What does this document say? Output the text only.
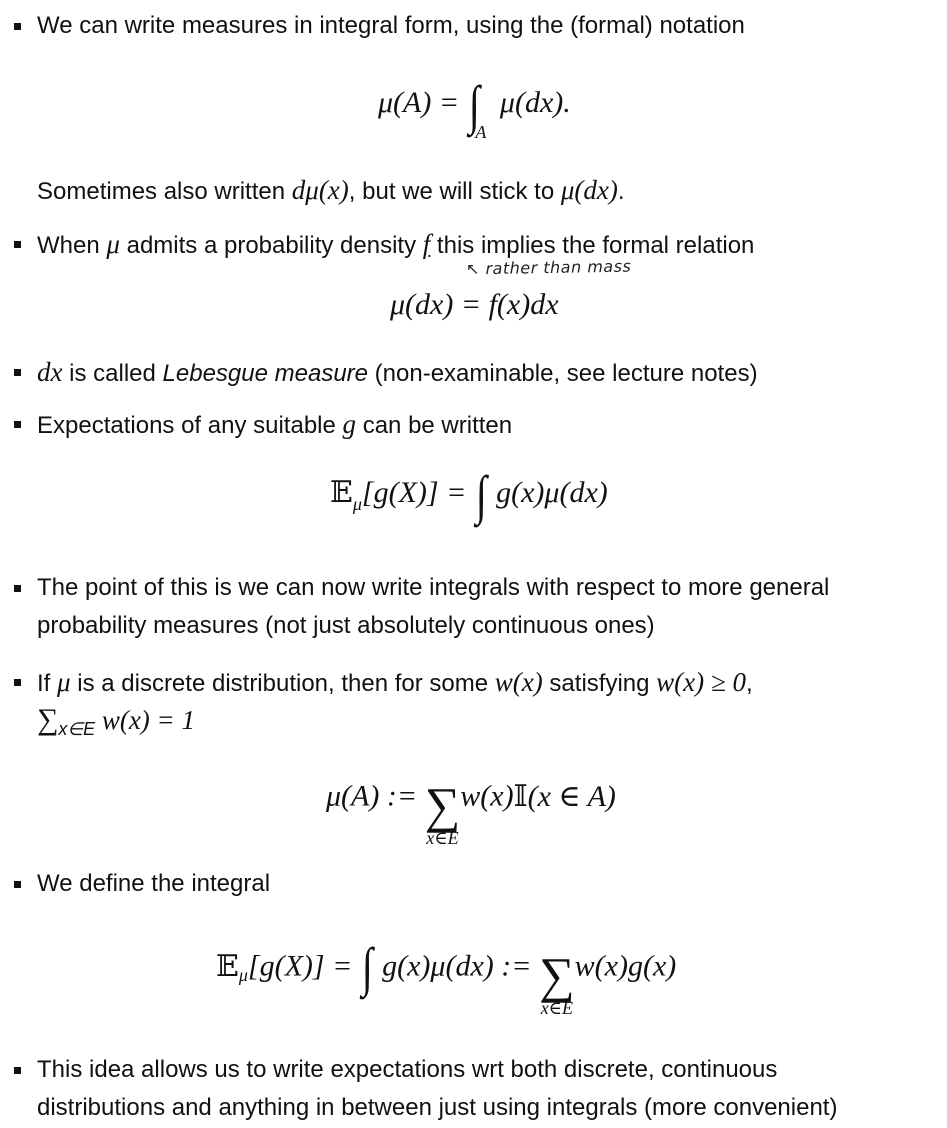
We can write measures in integral form, using the (formal) notation
$\mu(A) = \int_A$ μ(dx).
Sometimes also written dμ(x), but we will stick to μ(dx).
When μ admits a probability density f this implies the formal relation
↖ rather than mass
μ(dx) = f(x)dx
dx is called Lebesgue measure (non-examinable, see lecture notes)
Expectations of any suitable g can be written
𝔼$_\mu$[g(X)] = ∫ g(x)μ(dx)
The point of this is we can now write integrals with respect to more general
probability measures (not just absolutely continuous ones)
If μ is a discrete distribution, then for some w(x) satisfying w(x) ≥ 0,
$\sum_{x\in E}$ w(x) = 1
μ(A) := ∑
x∈E
w(x)𝕀(x ∈ A)
We define the integral
𝔼$_\mu$[g(X)] = ∫ g(x)μ(dx) := ∑
x∈E
w(x)g(x)
This idea allows us to write expectations wrt both discrete, continuous
distributions and anything in between just using integrals (more convenient)
